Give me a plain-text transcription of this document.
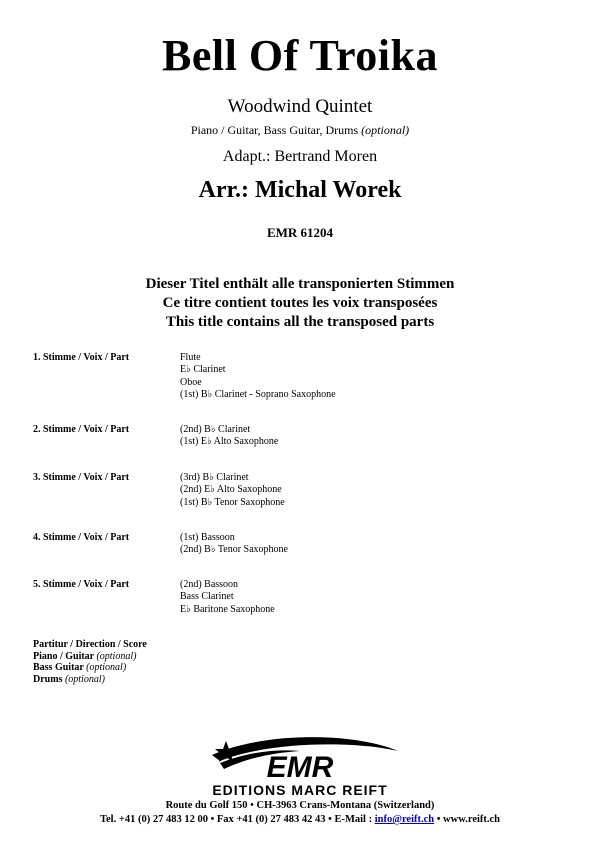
Bell Of Troika
Woodwind Quintet
Piano / Guitar, Bass Guitar, Drums (optional)
Adapt.: Bertrand Moren
Arr.: Michal Worek
EMR 61204
Dieser Titel enthält alle transponierten Stimmen
Ce titre contient toutes les voix transposées
This title contains all the transposed parts
1. Stimme / Voix / Part	Flute
E♭ Clarinet
Oboe
(1st) B♭ Clarinet - Soprano Saxophone
2. Stimme / Voix / Part	(2nd) B♭ Clarinet
(1st) E♭ Alto Saxophone
3. Stimme / Voix / Part	(3rd) B♭ Clarinet
(2nd) E♭ Alto Saxophone
(1st) B♭ Tenor Saxophone
4. Stimme / Voix / Part	(1st) Bassoon
(2nd) B♭ Tenor Saxophone
5. Stimme / Voix / Part	(2nd) Bassoon
Bass Clarinet
E♭ Baritone Saxophone
Partitur / Direction / Score
Piano / Guitar (optional)
Bass Guitar (optional)
Drums (optional)
EMR
EDITIONS MARC REIFT
Route du Golf 150 • CH-3963 Crans-Montana (Switzerland)
Tel. +41 (0) 27 483 12 00 • Fax +41 (0) 27 483 42 43 • E-Mail : info@reift.ch • www.reift.ch
